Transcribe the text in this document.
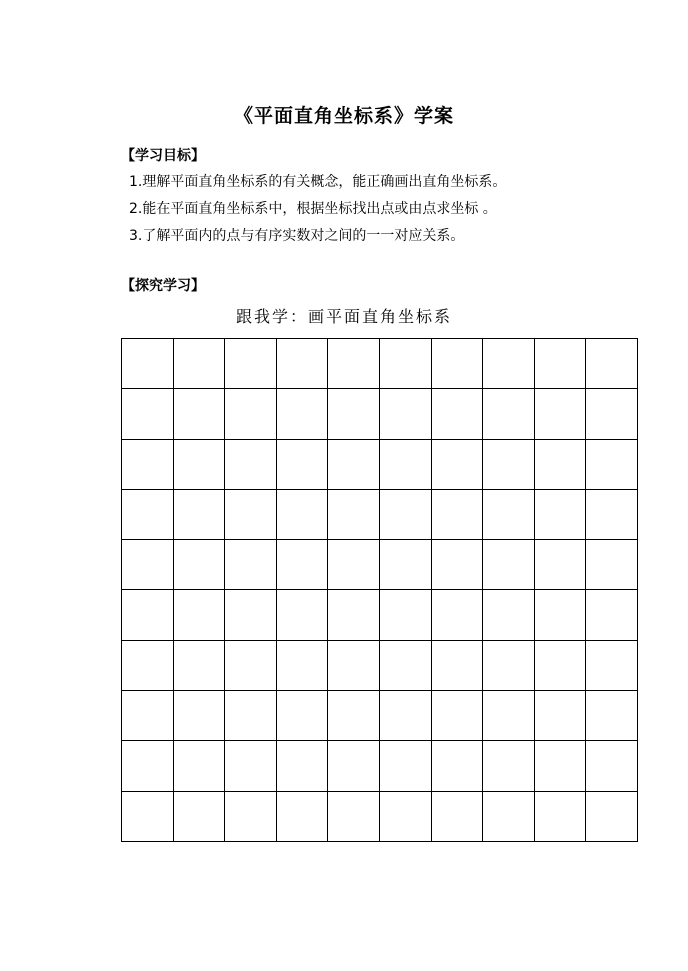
《平面直角坐标系》学案
【学习目标】
1.理解平面直角坐标系的有关概念，能正确画出直角坐标系。
2.能在平面直角坐标系中，根据坐标找出点或由点求坐标 。
3.了解平面内的点与有序实数对之间的一一对应关系。
【探究学习】
跟我学：画平面直角坐标系
